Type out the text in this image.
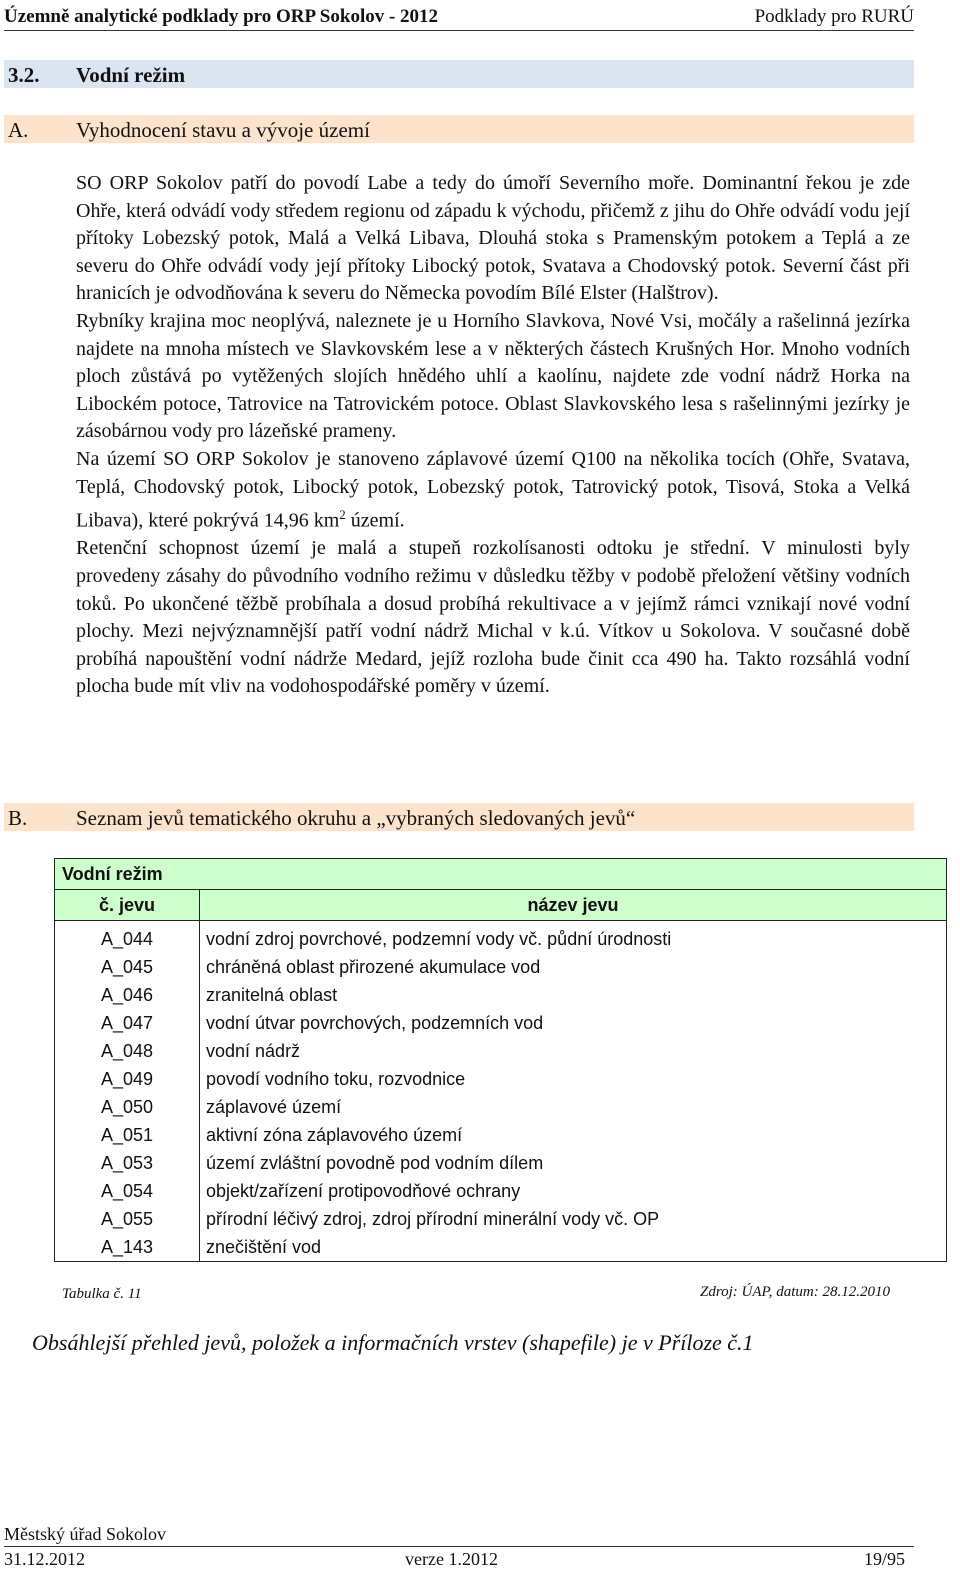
Územně analytické podklady pro ORP Sokolov - 2012	Podklady pro RURÚ
3.2. Vodní režim
A. Vyhodnocení stavu a vývoje území

SO ORP Sokolov patří do povodí Labe a tedy do úmoří Severního moře. Dominantní řekou je zde Ohře, která odvádí vody středem regionu od západu k východu, přičemž z jihu do Ohře odvádí vodu její přítoky Lobezský potok, Malá a Velká Libava, Dlouhá stoka s Pramenským potokem a Teplá a ze severu do Ohře odvádí vody její přítoky Libocký potok, Svatava a Chodovský potok. Severní část při hranicích je odvodňována k severu do Německa povodím Bílé Elster (Halštrov).

Rybníky krajina moc neoplývá, naleznete je u Horního Slavkova, Nové Vsi, močály a rašelinná jezírka najdete na mnoha místech ve Slavkovském lese a v některých částech Krušných Hor. Mnoho vodních ploch zůstává po vytěžených slojích hnědého uhlí a kaolínu, najdete zde vodní nádrž Horka na Libockém potoce, Tatrovice na Tatrovickém potoce. Oblast Slavkovského lesa s rašelinnými jezírky je zásobárnou vody pro lázeňské prameny.

Na území SO ORP Sokolov je stanoveno záplavové území Q100 na několika tocích (Ohře, Svatava, Teplá, Chodovský potok, Libocký potok, Lobezský potok, Tatrovický potok, Tisová, Stoka a Velká Libava), které pokrývá 14,96 $km^2$ území.

Retenční schopnost území je malá a stupeň rozkolísanosti odtoku je střední. V minulosti byly provedeny zásahy do původního vodního režimu v důsledku těžby v podobě přeložení většiny vodních toků. Po ukončené těžbě probíhala a dosud probíhá rekultivace a v jejímž rámci vznikají nové vodní plochy. Mezi nejvýznamnější patří vodní nádrž Michal v k.ú. Vítkov u Sokolova. V současné době probíhá napouštění vodní nádrže Medard, jejíž rozloha bude činit cca 490 ha. Takto rozsáhlá vodní plocha bude mít vliv na vodohospodářské poměry v území.

B. Seznam jevů tematického okruhu a „vybraných sledovaných jevů“
Vodní režim	
č. jevu	název jevu

A_044	vodní zdroj povrchové, podzemní vody vč. půdní úrodnosti
A_045	chráněná oblast přirozené akumulace vod
A_046	zranitelná oblast
A_047	vodní útvar povrchových, podzemních vod
A_048	vodní nádrž
A_049	povodí vodního toku, rozvodnice
A_050	záplavové území
A_051	aktivní zóna záplavového území
A_053	území zvláštní povodně pod vodním dílem
A_054	objekt/zařízení protipovodňové ochrany
A_055	přírodní léčivý zdroj, zdroj přírodní minerální vody vč. OP
A_143	znečištění vod
Tabulka č. 11	Zdroj: ÚAP, datum: 28.12.2010
Obsáhlejší přehled jevů, položek a informačních vrstev (shapefile) je v Příloze č.1
Městský úřad Sokolov
31.12.2012	verze 1.2012	19/95
